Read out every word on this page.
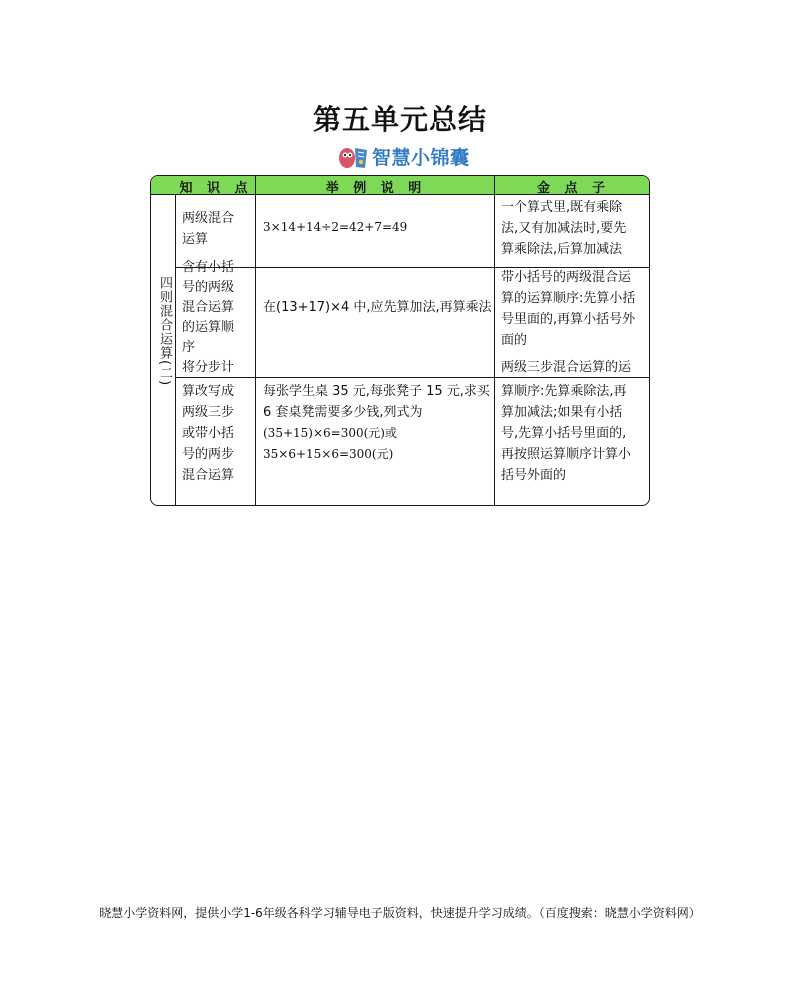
第五单元总结
智慧小锦囊
知 识 点	举 例 说 明	金 点 子
四则混合运算(二)
两级混合
运算
3×14+14÷2=42+7=49
一个算式里,既有乘除
法,又有加减法时,要先
算乘除法,后算加减法
含有小括
号的两级
混合运算
的运算顺
序
将分步计
在(13+17)×4 中,应先算加法,再算乘法
带小括号的两级混合运
算的运算顺序:先算小括
号里面的,再算小括号外
面的
两级三步混合运算的运
算改写成
两级三步
或带小括
号的两步
混合运算
每张学生桌 35 元,每张凳子 15 元,求买
6 套桌凳需要多少钱,列式为
(35+15)×6=300(元)或
35×6+15×6=300(元)
算顺序:先算乘除法,再
算加减法;如果有小括
号,先算小括号里面的,
再按照运算顺序计算小
括号外面的
晓慧小学资料网，提供小学1-6年级各科学习辅导电子版资料，快速提升学习成绩。（百度搜索：晓慧小学资料网）
